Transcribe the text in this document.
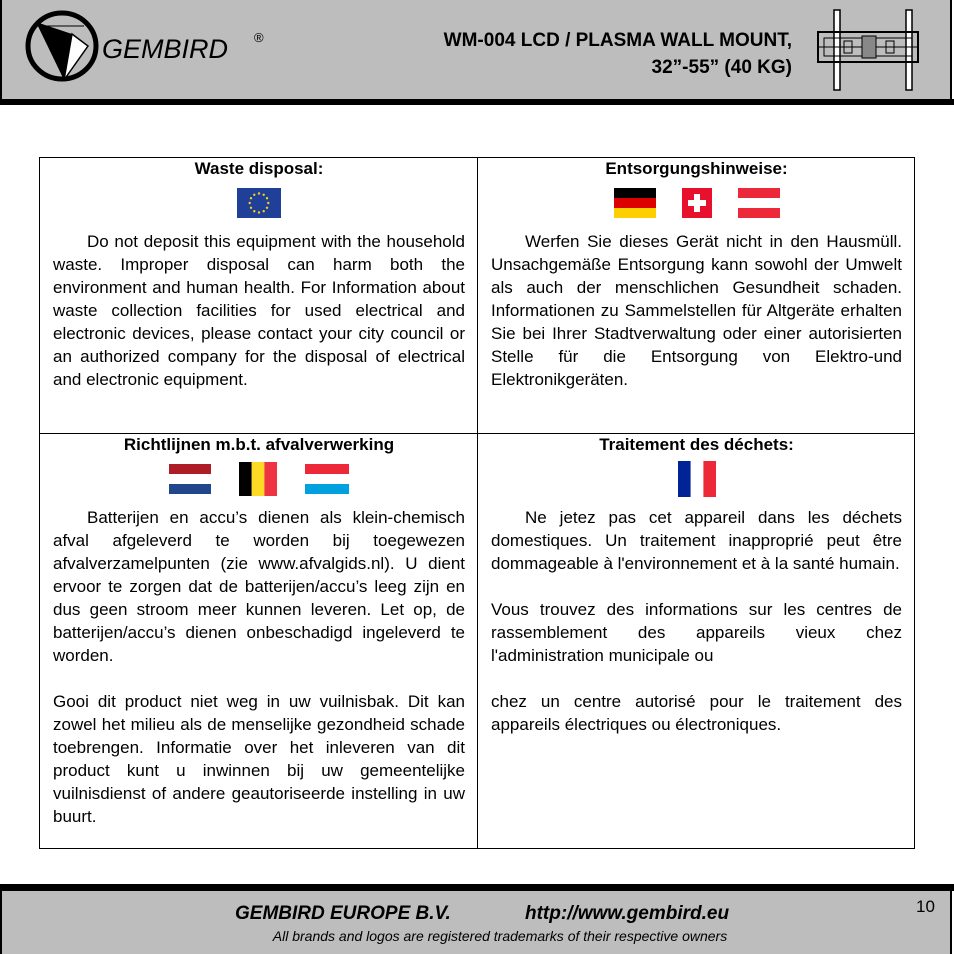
GEMBIRD ®	WM-004 LCD / PLASMA WALL MOUNT,
32”-55” (40 KG)
Waste disposal:

Do not deposit this equipment with the household waste. Improper disposal can harm both the environment and human health. For Information about waste collection facilities for used electrical and electronic devices, please contact your city council or an authorized company for the disposal of electrical and electronic equipment.

Entsorgungshinweise:

Werfen Sie dieses Gerät nicht in den Hausmüll. Unsachgemäße Entsorgung kann sowohl der Umwelt als auch der menschlichen Gesundheit schaden. Informationen zu Sammelstellen für Altgeräte erhalten Sie bei Ihrer Stadtverwaltung oder einer autorisierten Stelle für die Entsorgung von Elektro-und Elektronikgeräten.

Richtlijnen m.b.t. afvalverwerking

Batterijen en accu’s dienen als klein-chemisch afval afgeleverd te worden bij toegewezen afvalverzamelpunten (zie www.afvalgids.nl). U dient ervoor te zorgen dat de batterijen/accu’s leeg zijn en dus geen stroom meer kunnen leveren. Let op, de batterijen/accu’s dienen onbeschadigd ingeleverd te worden.

Gooi dit product niet weg in uw vuilnisbak. Dit kan zowel het milieu als de menselijke gezondheid schade toebrengen. Informatie over het inleveren van dit product kunt u inwinnen bij uw gemeentelijke vuilnisdienst of andere geautoriseerde instelling in uw buurt.

Traitement des déchets:

Ne jetez pas cet appareil dans les déchets domestiques. Un traitement inapproprié peut être dommageable à l'environnement et à la santé humain.

Vous trouvez des informations sur les centres de rassemblement des appareils vieux chez l'administration municipale ou

chez un centre autorisé pour le traitement des appareils électriques ou électroniques.

GEMBIRD EUROPE B.V.	http://www.gembird.eu
All brands and logos are registered trademarks of their respective owners
10
